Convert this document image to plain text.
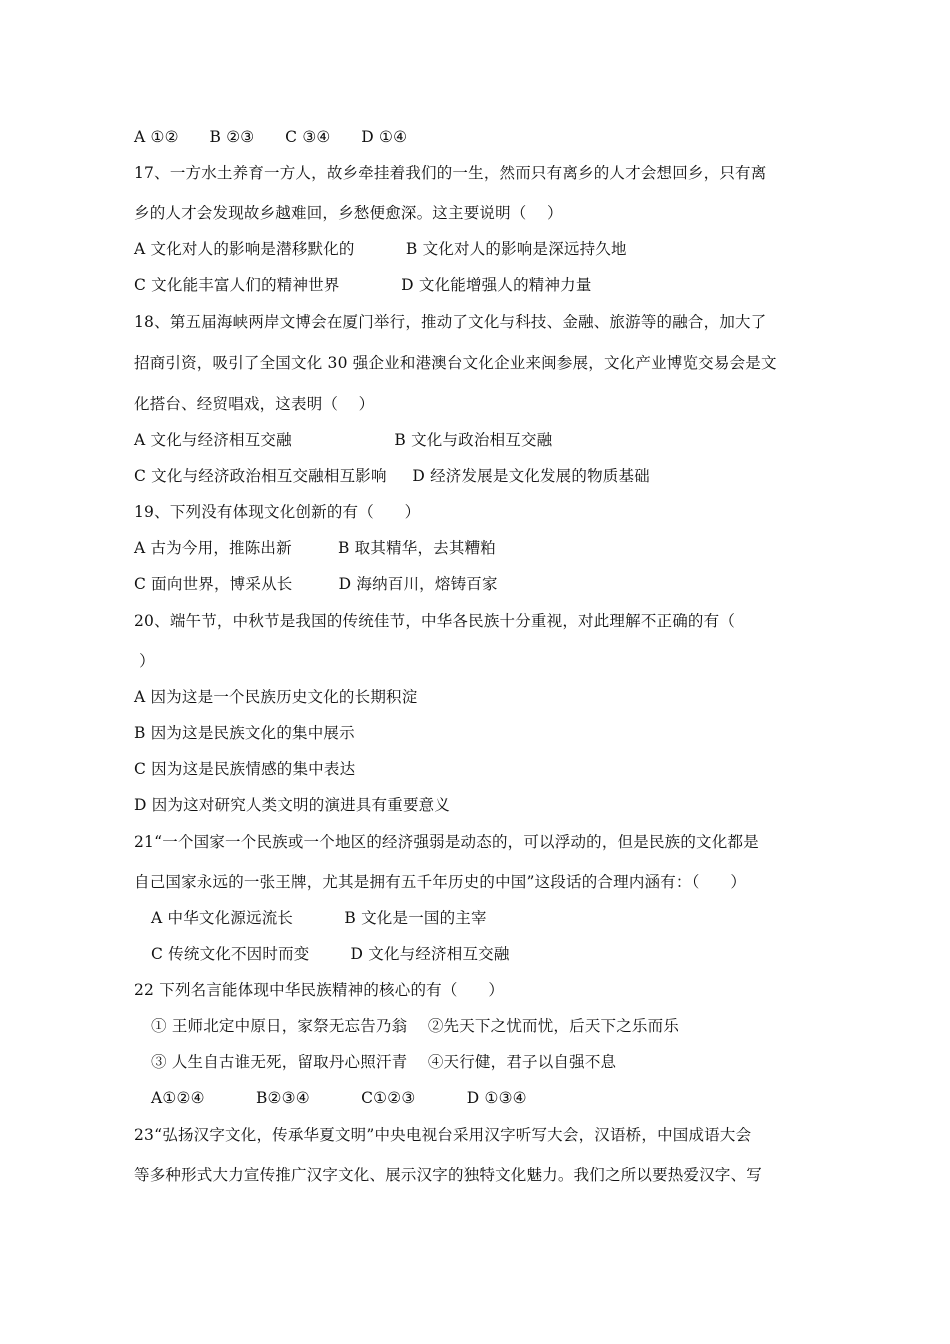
A ①②      B ②③      C ③④      D ①④
17、一方水土养育一方人，故乡牵挂着我们的一生，然而只有离乡的人才会想回乡，只有离
乡的人才会发现故乡越难回，乡愁便愈深。这主要说明（    ）
A 文化对人的影响是潜移默化的          B 文化对人的影响是深远持久地
C 文化能丰富人们的精神世界            D 文化能增强人的精神力量
18、第五届海峡两岸文博会在厦门举行，推动了文化与科技、金融、旅游等的融合，加大了
招商引资，吸引了全国文化 30 强企业和港澳台文化企业来闽参展，文化产业博览交易会是文
化搭台、经贸唱戏，这表明（    ）
A 文化与经济相互交融                    B 文化与政治相互交融
C 文化与经济政治相互交融相互影响     D 经济发展是文化发展的物质基础
19、下列没有体现文化创新的有（      ）
A 古为今用，推陈出新         B 取其精华，去其糟粕
C 面向世界，博采从长         D 海纳百川，熔铸百家
20、端午节，中秋节是我国的传统佳节，中华各民族十分重视，对此理解不正确的有（
）
A 因为这是一个民族历史文化的长期积淀
B 因为这是民族文化的集中展示
C 因为这是民族情感的集中表达
D 因为这对研究人类文明的演进具有重要意义
21“一个国家一个民族或一个地区的经济强弱是动态的，可以浮动的，但是民族的文化都是
自己国家永远的一张王牌，尤其是拥有五千年历史的中国”这段话的合理内涵有：（      ）
A 中华文化源远流长          B 文化是一国的主宰
C 传统文化不因时而变        D 文化与经济相互交融
22 下列名言能体现中华民族精神的核心的有（      ）
① 王师北定中原日，家祭无忘告乃翁    ②先天下之忧而忧，后天下之乐而乐
③ 人生自古谁无死，留取丹心照汗青    ④天行健，君子以自强不息
A①②④          B②③④          C①②③          D ①③④
23“弘扬汉字文化，传承华夏文明”中央电视台采用汉字听写大会，汉语桥，中国成语大会
等多种形式大力宣传推广汉字文化、展示汉字的独特文化魅力。我们之所以要热爱汉字、写
